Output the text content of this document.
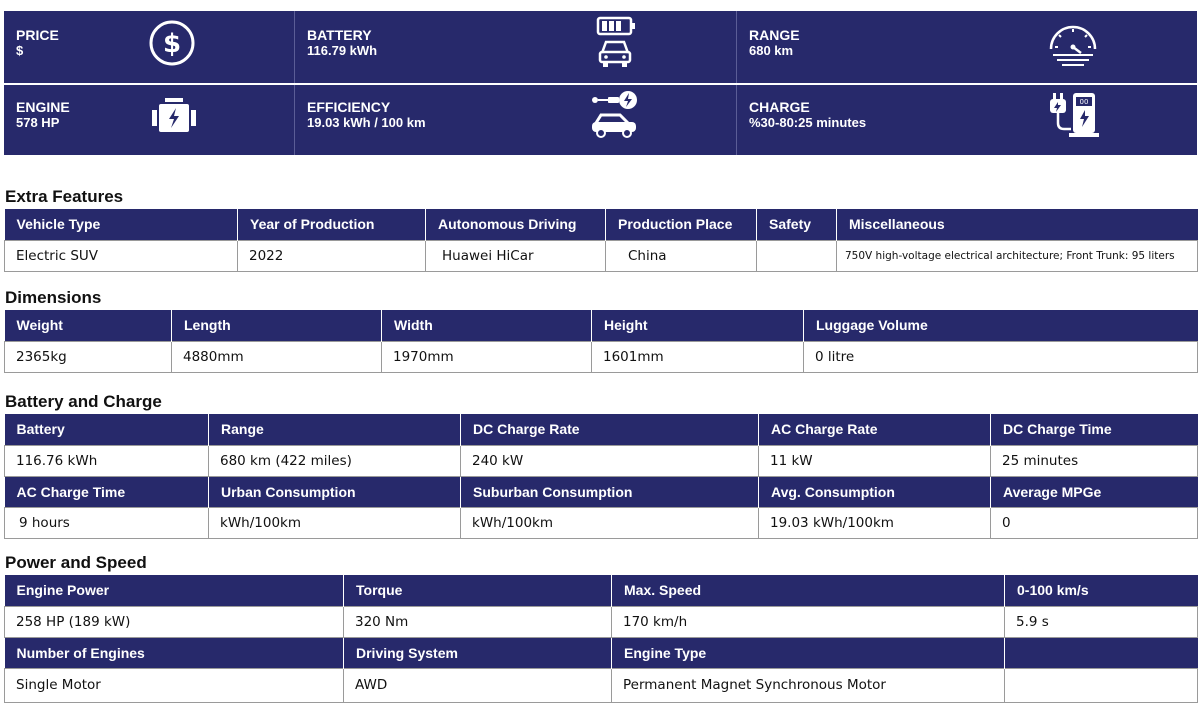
PRICE
$	$	BATTERY
116.79 kWh
RANGE
680 km
ENGINE
578 HP
EFFICIENCY
19.03 kWh / 100 km
CHARGE
%30-80:25 minutes
00
Extra Features
Vehicle Type	Year of Production	Autonomous Driving	Production Place	Safety	Miscellaneous
Electric SUV	2022	Huawei HiCar	China		750V high-voltage electrical architecture; Front Trunk: 95 liters
Dimensions
Weight	Length	Width	Height	Luggage Volume
2365kg	4880mm	1970mm	1601mm	0 litre
Battery and Charge
Battery	Range	DC Charge Rate	AC Charge Rate	DC Charge Time
116.76 kWh	680 km (422 miles)	240 kW	11 kW	25 minutes
AC Charge Time	Urban Consumption	Suburban Consumption	Avg. Consumption	Average MPGe
9 hours	kWh/100km	kWh/100km	19.03 kWh/100km	0
Power and Speed
Engine Power	Torque	Max. Speed	0-100 km/s
258 HP (189 kW)	320 Nm	170 km/h	5.9 s
Number of Engines	Driving System	Engine Type	
Single Motor	AWD	Permanent Magnet Synchronous Motor	
